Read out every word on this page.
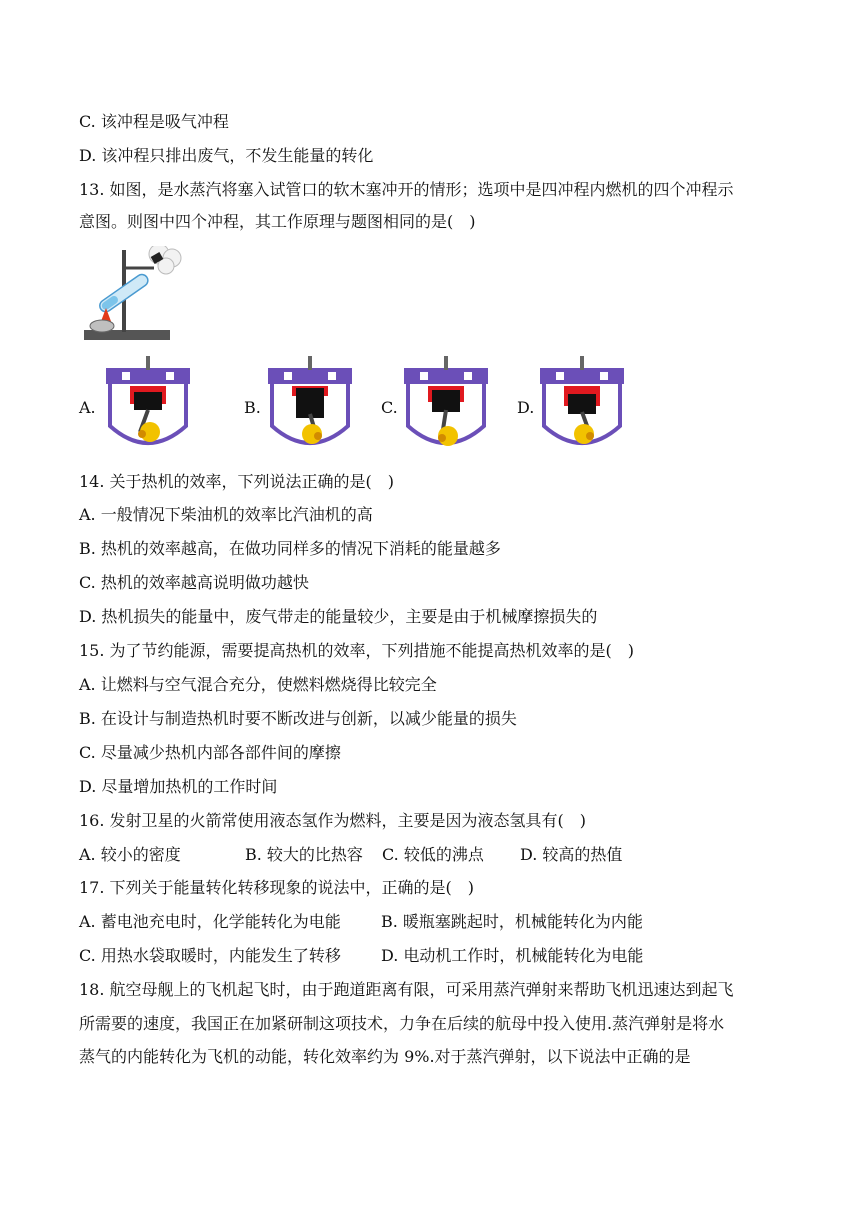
C. 该冲程是吸气冲程
D. 该冲程只排出废气，不发生能量的转化
13. 如图，是水蒸汽将塞入试管口的软木塞冲开的情形；选项中是四冲程内燃机的四个冲程示
意图。则图中四个冲程，其工作原理与题图相同的是(　)
A.	B.	C.	D.
14. 关于热机的效率，下列说法正确的是(　)
A. 一般情况下柴油机的效率比汽油机的高
B. 热机的效率越高，在做功同样多的情况下消耗的能量越多
C. 热机的效率越高说明做功越快
D. 热机损失的能量中，废气带走的能量较少，主要是由于机械摩擦损失的
15. 为了节约能源，需要提高热机的效率，下列措施不能提高热机效率的是(　)
A. 让燃料与空气混合充分，使燃料燃烧得比较完全
B. 在设计与制造热机时要不断改进与创新，以减少能量的损失
C. 尽量减少热机内部各部件间的摩擦
D. 尽量增加热机的工作时间
16. 发射卫星的火箭常使用液态氢作为燃料，主要是因为液态氢具有(　)
A. 较小的密度	B. 较大的比热容 C. 较低的沸点 D. 较高的热值
17. 下列关于能量转化转移现象的说法中，正确的是(　)
A. 蓄电池充电时，化学能转化为电能	B. 暖瓶塞跳起时，机械能转化为内能
C. 用热水袋取暖时，内能发生了转移	D. 电动机工作时，机械能转化为电能
18. 航空母舰上的飞机起飞时，由于跑道距离有限，可采用蒸汽弹射来帮助飞机迅速达到起飞
所需要的速度，我国正在加紧研制这项技术，力争在后续的航母中投入使用.蒸汽弹射是将水
蒸气的内能转化为飞机的动能，转化效率约为 9%.对于蒸汽弹射，以下说法中正确的是
